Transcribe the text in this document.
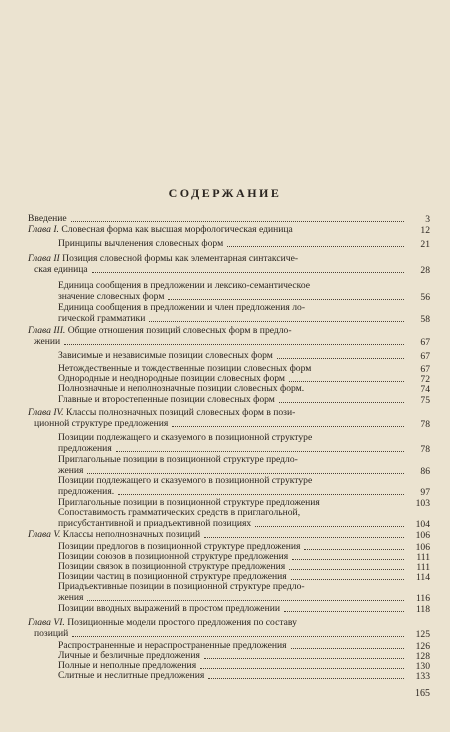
СОДЕРЖАНИЕ
Введение	3
Глава I. Словесная форма как высшая морфологическая единица	12
Принципы вычленения словесных форм	21
Глава II Позиция словесной формы как элементарная синтаксиче-
ская единица	28
Единица сообщения в предложении и лексико-семантическое
значение словесных форм	56
Единица сообщения в предложении и член предложения ло-
гической грамматики	58
Глава III. Общие отношения позиций словесных форм в предло-
жении	67
Зависимые и независимые позиции словесных форм	67
Нетождественные и тождественные позиции словесных форм	67
Однородные и неоднородные позиции словесных форм	72
Полнозначные и неполнозначные позиции словесных форм.	74
Главные и второстепенные позиции словесных форм	75
Глава IV. Классы полнозначных позиций словесных форм в пози-
ционной структуре предложения	78
Позиции подлежащего и сказуемого в позиционной структуре
предложения	78
Приглагольные позиции в позиционной структуре предло-
жения	86
Позиции подлежащего и сказуемого в позиционной структуре
предложения.	97
Приглагольные позиции в позиционной структуре предложения	103
Сопоставимость грамматических средств в приглагольной,
присубстантивной и приадъективной позициях	104
Глава V. Классы неполнозначных позиций	106
Позиции предлогов в позиционной структуре предложения	106
Позиции союзов в позиционной структуре предложения	111
Позиции связок в позиционной структуре предложения	111
Позиции частиц в позиционной структуре предложения	114
Приадъективные позиции в позиционной структуре предло-
жения	116
Позиции вводных выражений в простом предложении	118
Глава VI. Позиционные модели простого предложения по составу
позиций	125
Распространенные и нераспространенные предложения	126
Личные и безличные предложения	128
Полные и неполные предложения	130
Слитные и неслитные предложения	133
165
